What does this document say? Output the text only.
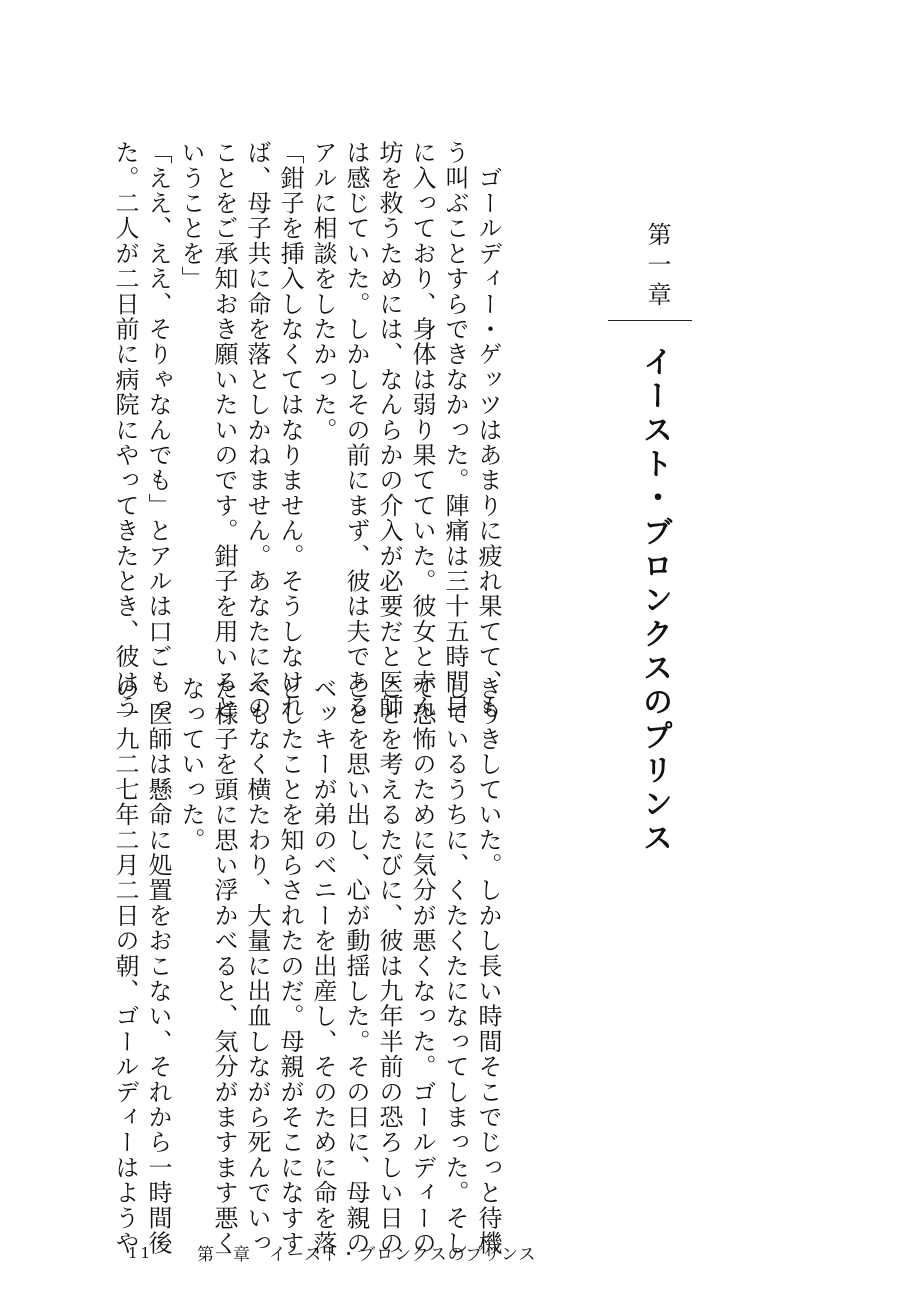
第一章
イースト・ブロンクスのプリンス
　ゴールディー・ゲッツはあまりに疲れ果てて、も
う叫ぶことすらできなかった。陣痛は三十五時間目
に入っており、身体は弱り果てていた。彼女と赤ん
坊を救うためには、なんらかの介入が必要だと医師
は感じていた。しかしその前にまず、彼は夫である
アルに相談をしたかった。
「鉗子を挿入しなくてはなりません。そうしなけれ
ば、母子共に命を落としかねません。あなたにその
ことをご承知おき願いたいのです。鉗子を用いると
いうことを」
「ええ、ええ、そりゃなんでも」とアルは口ごもっ
た。二人が二日前に病院にやってきたとき、彼はう
きうきしていた。しかし長い時間そこでじっと待機
しているうちに、くたくたになってしまった。そし
て恐怖のために気分が悪くなった。ゴールディーの
ことを考えるたびに、彼は九年半前の恐ろしい日の
ことを思い出し、心が動揺した。その日に、母親の
ベッキーが弟のベニーを出産し、そのために命を落
としたことを知らされたのだ。母親がそこになすす
べもなく横たわり、大量に出血しながら死んでいっ
た様子を頭に思い浮かべると、気分がますます悪く
なっていった。
　医師は懸命に処置をおこない、それから一時間後
の一九二七年二月二日の朝、ゴールディーはようや
11	第一章 イースト・ブロンクスのプリンス
